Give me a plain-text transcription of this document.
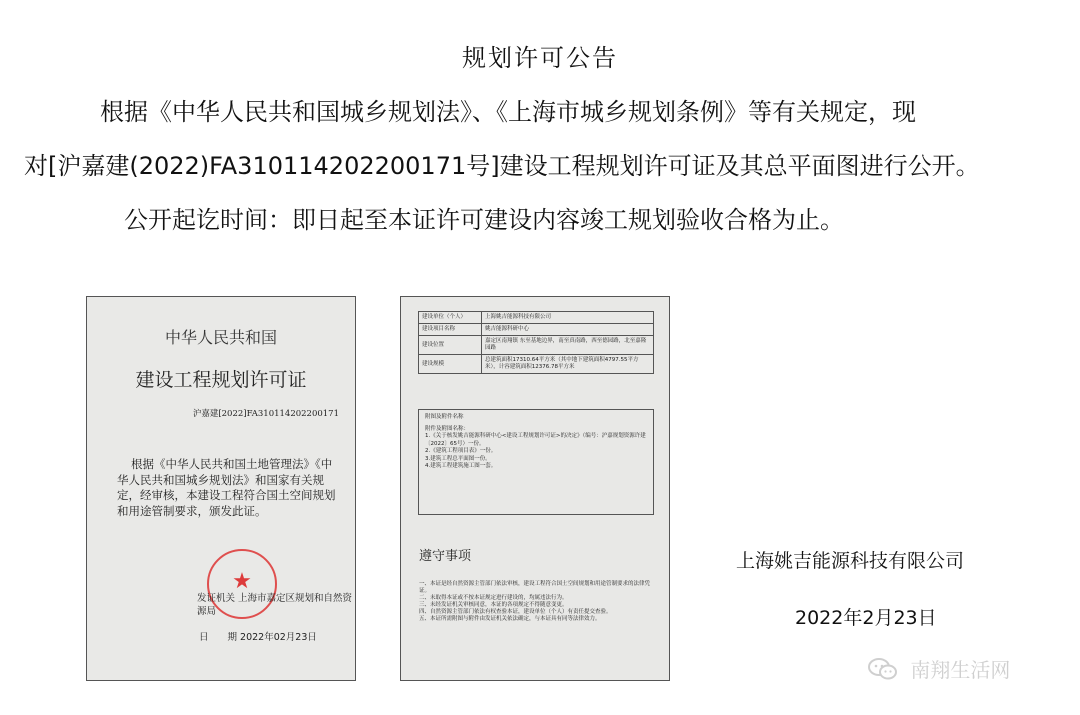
规划许可公告
根据《中华人民共和国城乡规划法》、《上海市城乡规划条例》等有关规定，现
对[沪嘉建(2022)FA310114202200171号]建设工程规划许可证及其总平面图进行公开。
公开起讫时间：即日起至本证许可建设内容竣工规划验收合格为止。
中华人民共和国
建设工程规划许可证
沪嘉建[2022]FA310114202200171
根据《中华人民共和国土地管理法》《中华人民共和国城乡规划法》和国家有关规定，经审核，本建设工程符合国土空间规划和用途管制要求，颁发此证。
★
发证机关 上海市嘉定区规划和自然资源局
日　　期 2022年02月23日
建设单位（个人）	上海姚吉能源科技有限公司
建设项目名称	姚吉能源科研中心
建设位置	嘉定区南翔镇 东至基地边界，南至真南路，西至德园路，北至嘉隆园路
建设规模	总建筑面积17310.64平方米（其中地下建筑面积4797.55平方米），计容建筑面积12376.78平方米
附图及附件名称
附件及附图名称：
1.《关于核发姚吉能源科研中心<建设工程规划许可证>的决定》（编号：沪嘉规划资源许建〔2022〕65号）一份。
2.《建筑工程项目表》一份。
3.建筑工程总平面图一份。
4.建筑工程建筑施工图一套。
遵守事项
一、本证是经自然资源主管部门依法审核，建设工程符合国土空间规划和用途管制要求的法律凭证。
二、未取得本证或不按本证规定进行建设的，均属违法行为。
三、未经发证机关审核同意，本证的各项规定不得随意变更。
四、自然资源主管部门依法有权查验本证，建设单位（个人）有责任提交查验。
五、本证所需附图与附件由发证机关依法确定，与本证具有同等法律效力。
上海姚吉能源科技有限公司
2022年2月23日
南翔生活网
